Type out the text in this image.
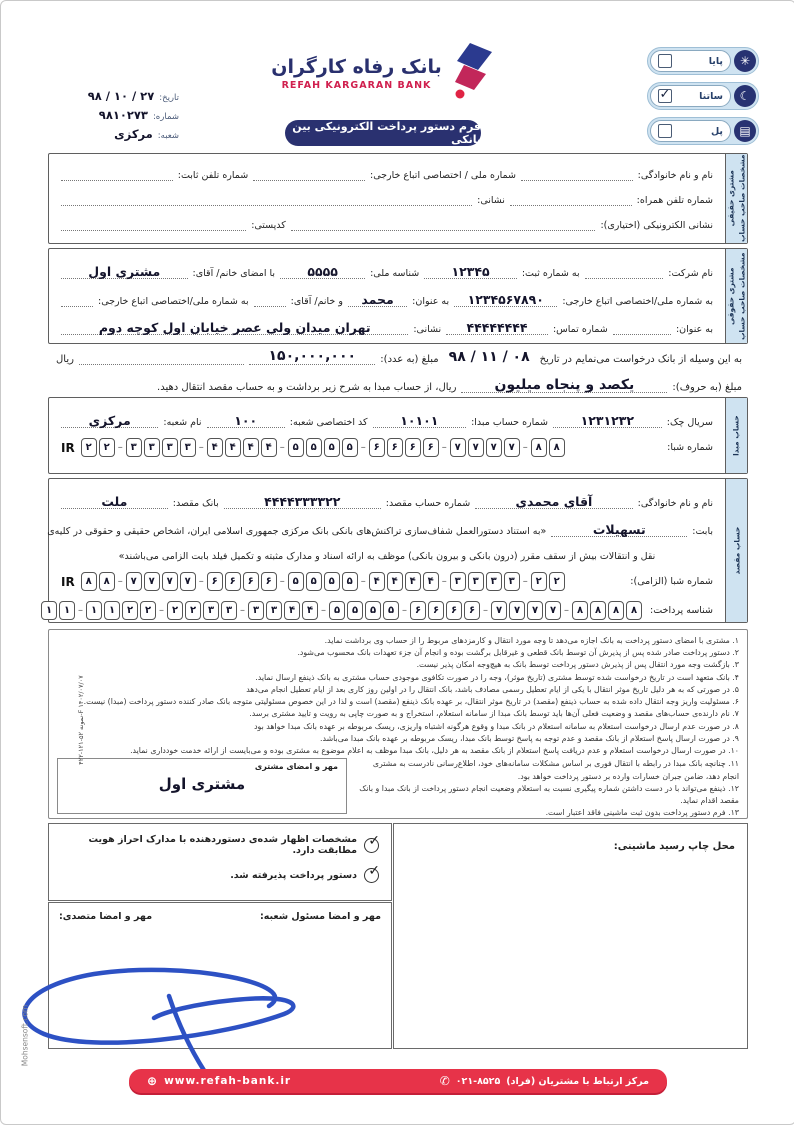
✳
پایا
☾
ساتنا
✓
▤
پل
بانک رفاه کارگران
REFAH KARGARAN BANK
فرم دستور پرداخت الکترونیکی بین بانکی
تاریخ:
۹۸ / ۱۰ / ۲۷
شماره:
۹۸۱۰۲۷۳
شعبه:
مرکزی
مشتری حقیقی مشخصات صاحب حساب
نام و نام خانوادگی:
شماره ملی / اختصاصی اتباع خارجی:
شماره تلفن ثابت:
شماره تلفن همراه:
نشانی:
نشانی الکترونیکی (اختیاری):
کدپستی:
مشتری حقوقی مشخصات صاحب حساب
نام شرکت:
به شماره ثبت:
۱۲۳۴۵
شناسه ملی:
۵۵۵۵
با امضای خانم/ آقای:
مشتری اول
به شماره ملی/اختصاصی اتباع خارجی:
۱۲۳۴۵۶۷۸۹۰
به عنوان:
محمد
و خانم/ آقای:
به شماره ملی/اختصاصی اتباع خارجی:
به عنوان:
شماره تماس:
۴۴۴۴۴۴۴۴
نشانی:
تهران میدان ولی عصر خیابان اول کوچه دوم
به این وسیله از بانک درخواست می‌نمایم در تاریخ
۹۸ / ۱۱ / ۰۸
مبلغ (به عدد):
۱۵۰,۰۰۰,۰۰۰
ریال
مبلغ (به حروف):
یکصد و پنجاه میلیون
ریال، از حساب مبدا به شرح زیر برداشت و به حساب مقصد انتقال دهید.
حساب مبدا
سریال چک:
۱۲۳۱۲۳۲
شماره حساب مبدا:
۱۰۱۰۱
کد اختصاصی شعبه:
۱۰۰
نام شعبه:
مرکزی
شماره شبا:
IR	۲	۲ – ۳	۳	۳	۳ – ۴	۴	۴	۴ – ۵	۵	۵	۵ – ۶	۶	۶	۶ – ۷	۷	۷	۷ – ۸	۸
حساب مقصد
نام و نام خانوادگی:
آقای محمدی
شماره حساب مقصد:
۴۴۴۴۳۳۳۳۲۲
بانک مقصد:
ملت
بابت:
تسهیلات
«به استناد دستورالعمل شفاف‌سازی تراکنش‌های بانکی بانک مرکزی جمهوری اسلامی ایران، اشخاص حقیقی و حقوقی در کلیه‌ی
نقل و انتقالات بیش از سقف مقرر (درون بانکی و بیرون بانکی) موظف به ارائه اسناد و مدارک مثبته و تکمیل فیلد بابت الزامی می‌باشند»
شماره شبا (الزامی):
IR	۸	۸ – ۷	۷	۷	۷ – ۶	۶	۶	۶ – ۵	۵	۵	۵ – ۴	۴	۴	۴ – ۳	۳	۳	۳ – ۲	۲
شناسه پرداخت:
۱	۱ – ۱	۱	۲	۲ – ۲	۲	۳	۳ – ۳	۳	۴	۴ – ۵	۵	۵	۵ – ۶	۶	۶	۶ – ۷	۷	۷	۷ – ۸	۸	۸	۸
۱. مشتری با امضای دستور پرداخت به بانک اجازه می‌دهد تا وجه مورد انتقال و کارمزدهای مربوط را از حساب وی برداشت نماید.
۲. دستور پرداخت صادر شده پس از پذیرش آن توسط بانک قطعی و غیرقابل برگشت بوده و انجام آن جزء تعهدات بانک محسوب می‌شود.
۳. بازگشت وجه مورد انتقال پس از پذیرش دستور پرداخت توسط بانک به هیچ‌وجه امکان پذیر نیست.
۴. بانک متعهد است در تاریخ درخواست شده توسط مشتری (تاریخ موثر)، وجه را در صورت تکافوی موجودی حساب مشتری به بانک ذینفع ارسال نماید.
۵. در صورتی که به هر دلیل تاریخ موثر انتقال با یکی از ایام تعطیل رسمی مصادف باشد، بانک انتقال را در اولین روز کاری بعد از ایام تعطیل انجام می‌دهد
۶. مسئولیت واریز وجه انتقال داده شده به حساب ذینفع (مقصد) در تاریخ موثر انتقال، بر عهده بانک ذینفع (مقصد) است و لذا در این خصوص مسئولیتی متوجه بانک صادر کننده دستور پرداخت (مبدا) نیست.
۷. نام دارنده‌ی حساب‌های مقصد و وضعیت فعلی آن‌ها باید توسط بانک مبدا از سامانه استعلام، استخراج و به صورت چاپی به رویت و تایید مشتری برسد.
۸. در صورت عدم ارسال درخواست استعلام به سامانه استعلام در بانک مبدا و وقوع هرگونه اشتباه واریزی، ریسک مربوطه بر عهده بانک مبدا خواهد بود
۹. در صورت ارسال پاسخ استعلام از بانک مقصد و عدم توجه به پاسخ توسط بانک مبدا، ریسک مربوطه بر عهده بانک مبدا می‌باشد.
۱۰. در صورت ارسال درخواست استعلام و عدم دریافت پاسخ استعلام از بانک مقصد به هر دلیل، بانک مبدا موظف به اعلام موضوع به مشتری بوده و می‌بایست از ارائه خدمت خودداری نماید.
۱۱. چنانچه بانک مبدا در رابطه با انتقال فوری بر اساس مشکلات سامانه‌های خود، اطلاع‌رسانی نادرست به مشتری انجام دهد، ضامن جبران خسارات وارده بر دستور پرداخت خواهد بود.
۱۲. ذینفع می‌تواند با در دست داشتن شماره پیگیری نسبت به استعلام وضعیت انجام دستور پرداخت از بانک مبدا و بانک مقصد اقدام نماید.
۱۳. فرم دستور پرداخت بدون ثبت ماشینی فاقد اعتبار است.
مهر و امضای مشتری
مشتری اول
نمونه ۵۲-۱۲۱-۴۲۲-F ۱۴۰۲/۰۷/۰۷
✓
مشخصات اظهار شده‌ی دستوردهنده با مدارک احراز هویت مطابقت دارد.
✓
دستور پرداخت پذیرفته شد.
مهر و امضا مسئول شعبه:
مهر و امضا متصدی:
محل چاپ رسید ماشینی:
⊕ www.refah-bank.ir	مرکز ارتباط با مشتریان (فراد)
۰۲۱-۸۵۲۵
✆
Mohsensoft.com
